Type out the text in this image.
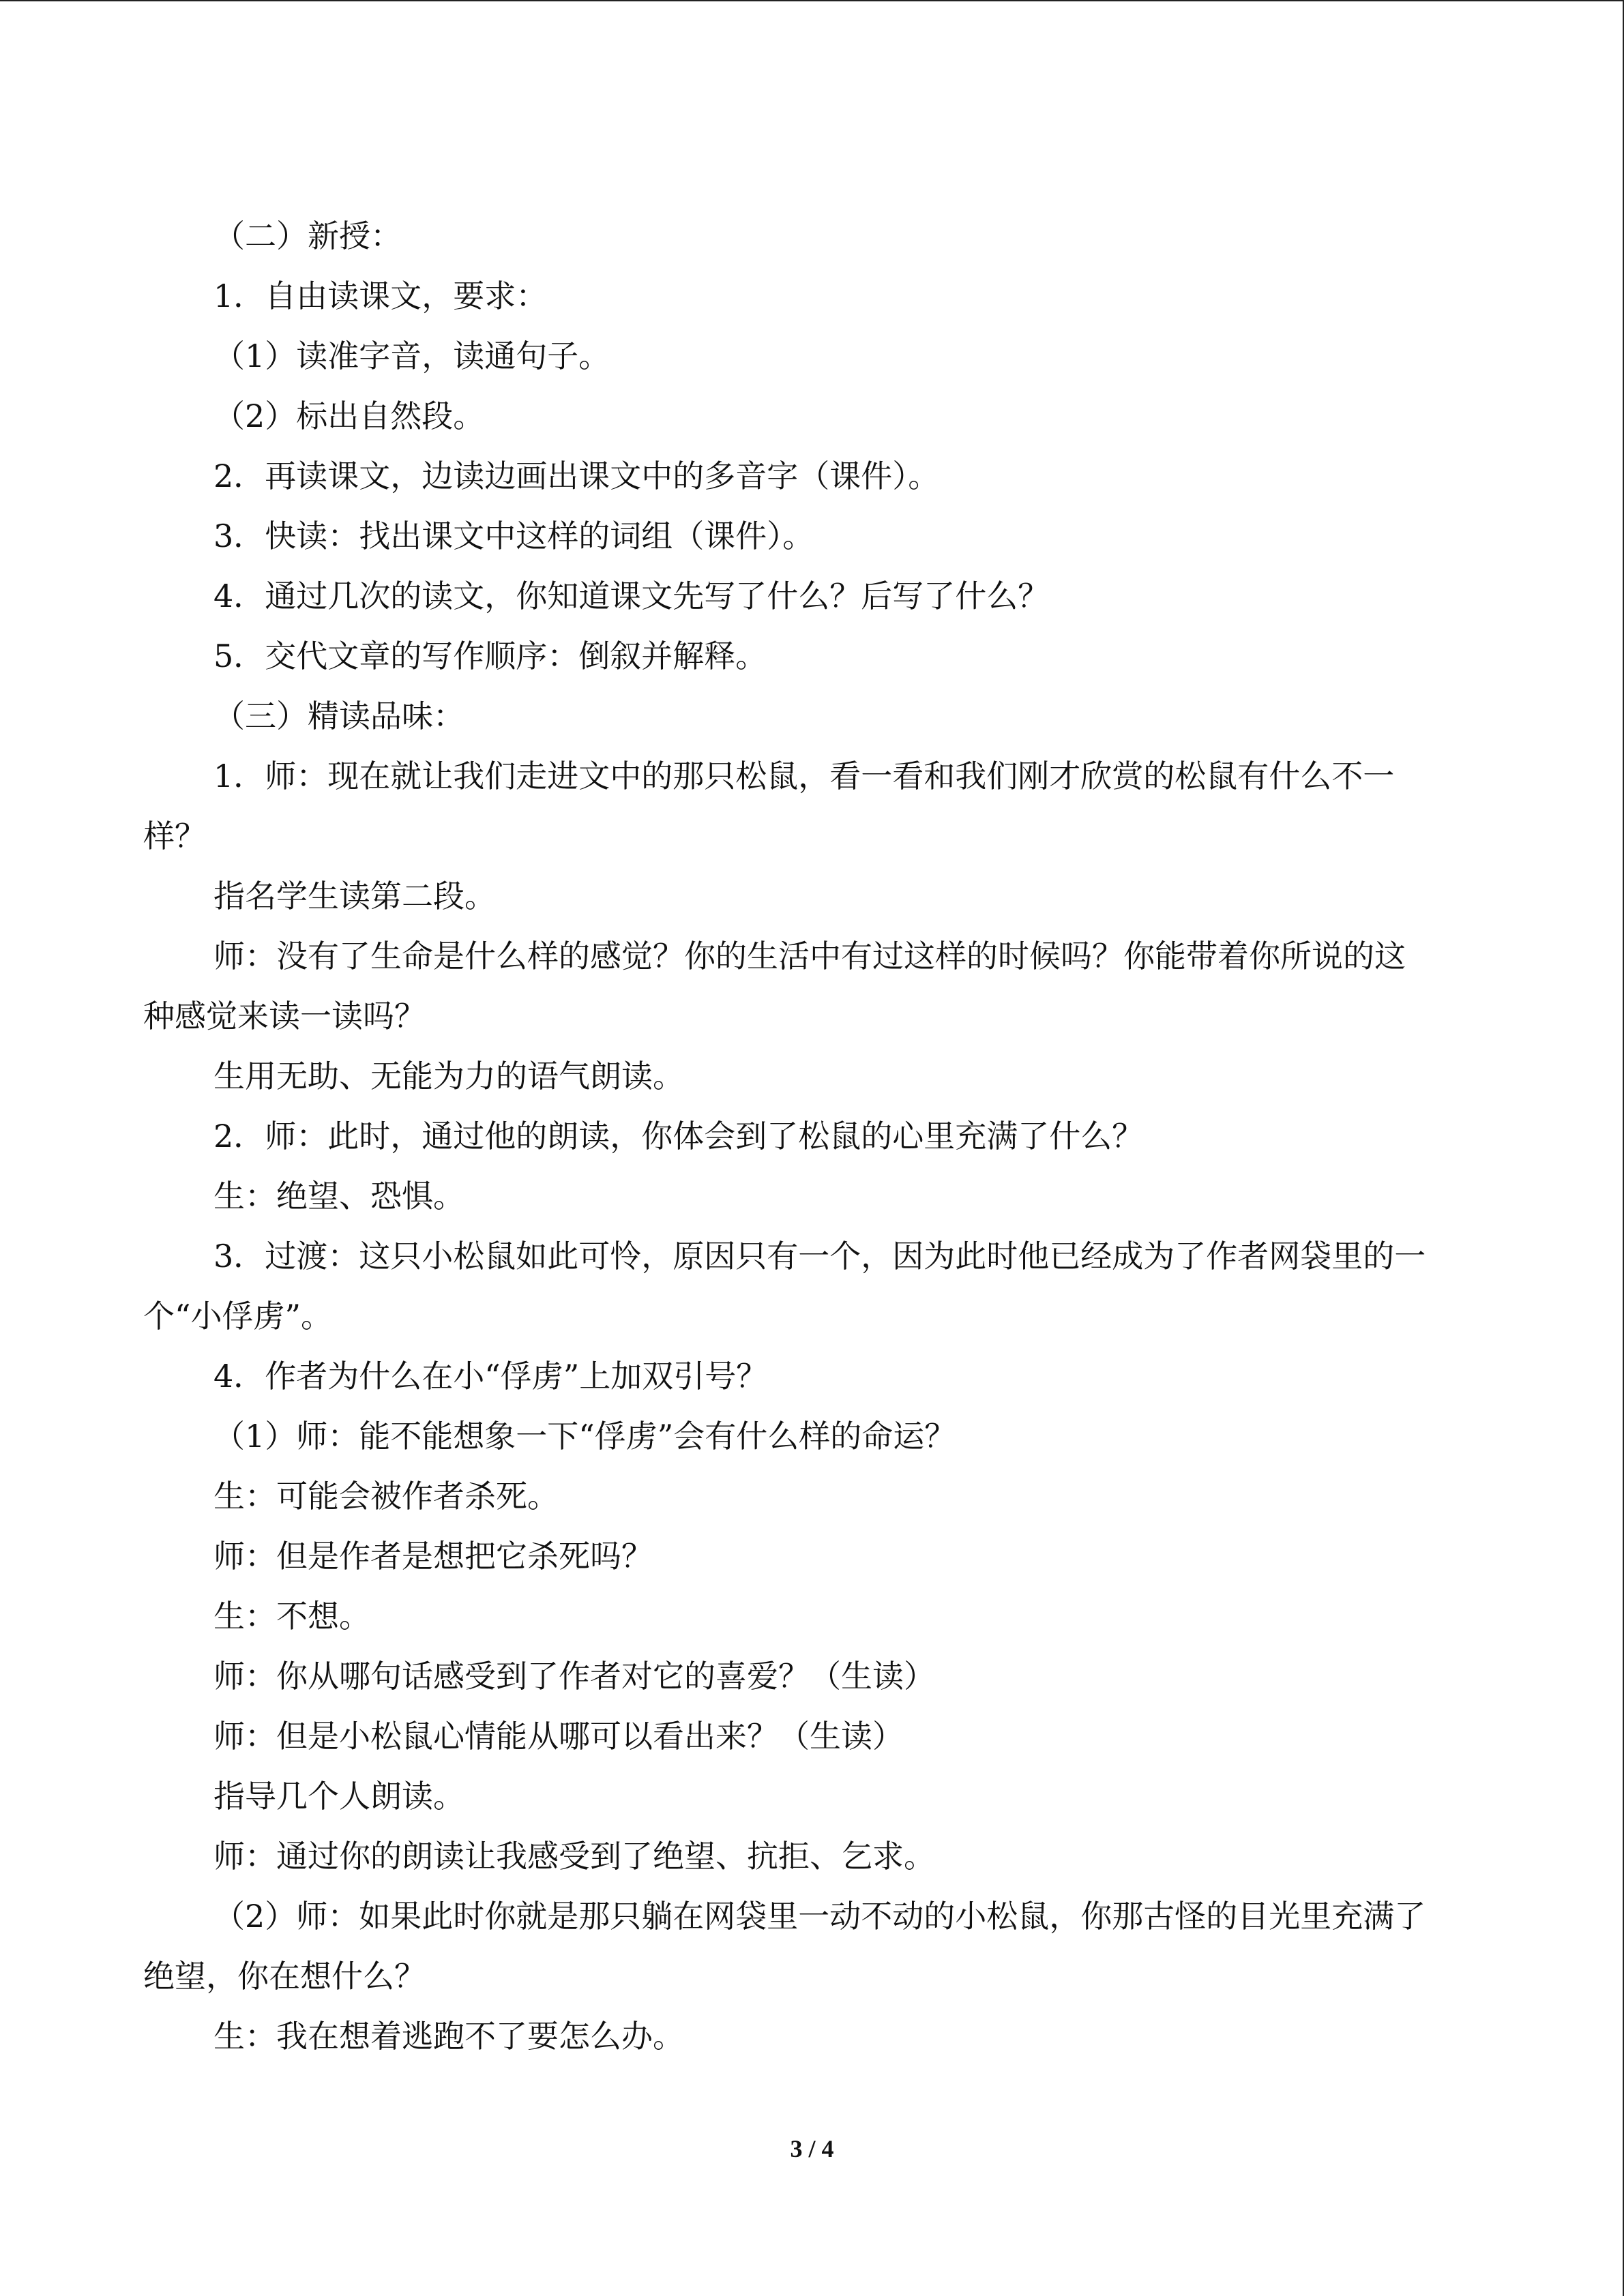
（二）新授：

1．自由读课文，要求：

（1）读准字音，读通句子。

（2）标出自然段。

2．再读课文，边读边画出课文中的多音字（课件）。

3．快读：找出课文中这样的词组（课件）。

4．通过几次的读文，你知道课文先写了什么？后写了什么？

5．交代文章的写作顺序：倒叙并解释。

（三）精读品味：

1．师：现在就让我们走进文中的那只松鼠，看一看和我们刚才欣赏的松鼠有什么不一

样？

指名学生读第二段。

师：没有了生命是什么样的感觉？你的生活中有过这样的时候吗？你能带着你所说的这

种感觉来读一读吗？

生用无助、无能为力的语气朗读。

2．师：此时，通过他的朗读，你体会到了松鼠的心里充满了什么？

生：绝望、恐惧。

3．过渡：这只小松鼠如此可怜，原因只有一个，因为此时他已经成为了作者网袋里的一

个“小俘虏”。

4．作者为什么在小“俘虏”上加双引号？

（1）师：能不能想象一下“俘虏”会有什么样的命运？

生：可能会被作者杀死。

师：但是作者是想把它杀死吗？

生：不想。

师：你从哪句话感受到了作者对它的喜爱？（生读）

师：但是小松鼠心情能从哪可以看出来？（生读）

指导几个人朗读。

师：通过你的朗读让我感受到了绝望、抗拒、乞求。

（2）师：如果此时你就是那只躺在网袋里一动不动的小松鼠，你那古怪的目光里充满了

绝望，你在想什么？

生：我在想着逃跑不了要怎么办。

3 / 4
